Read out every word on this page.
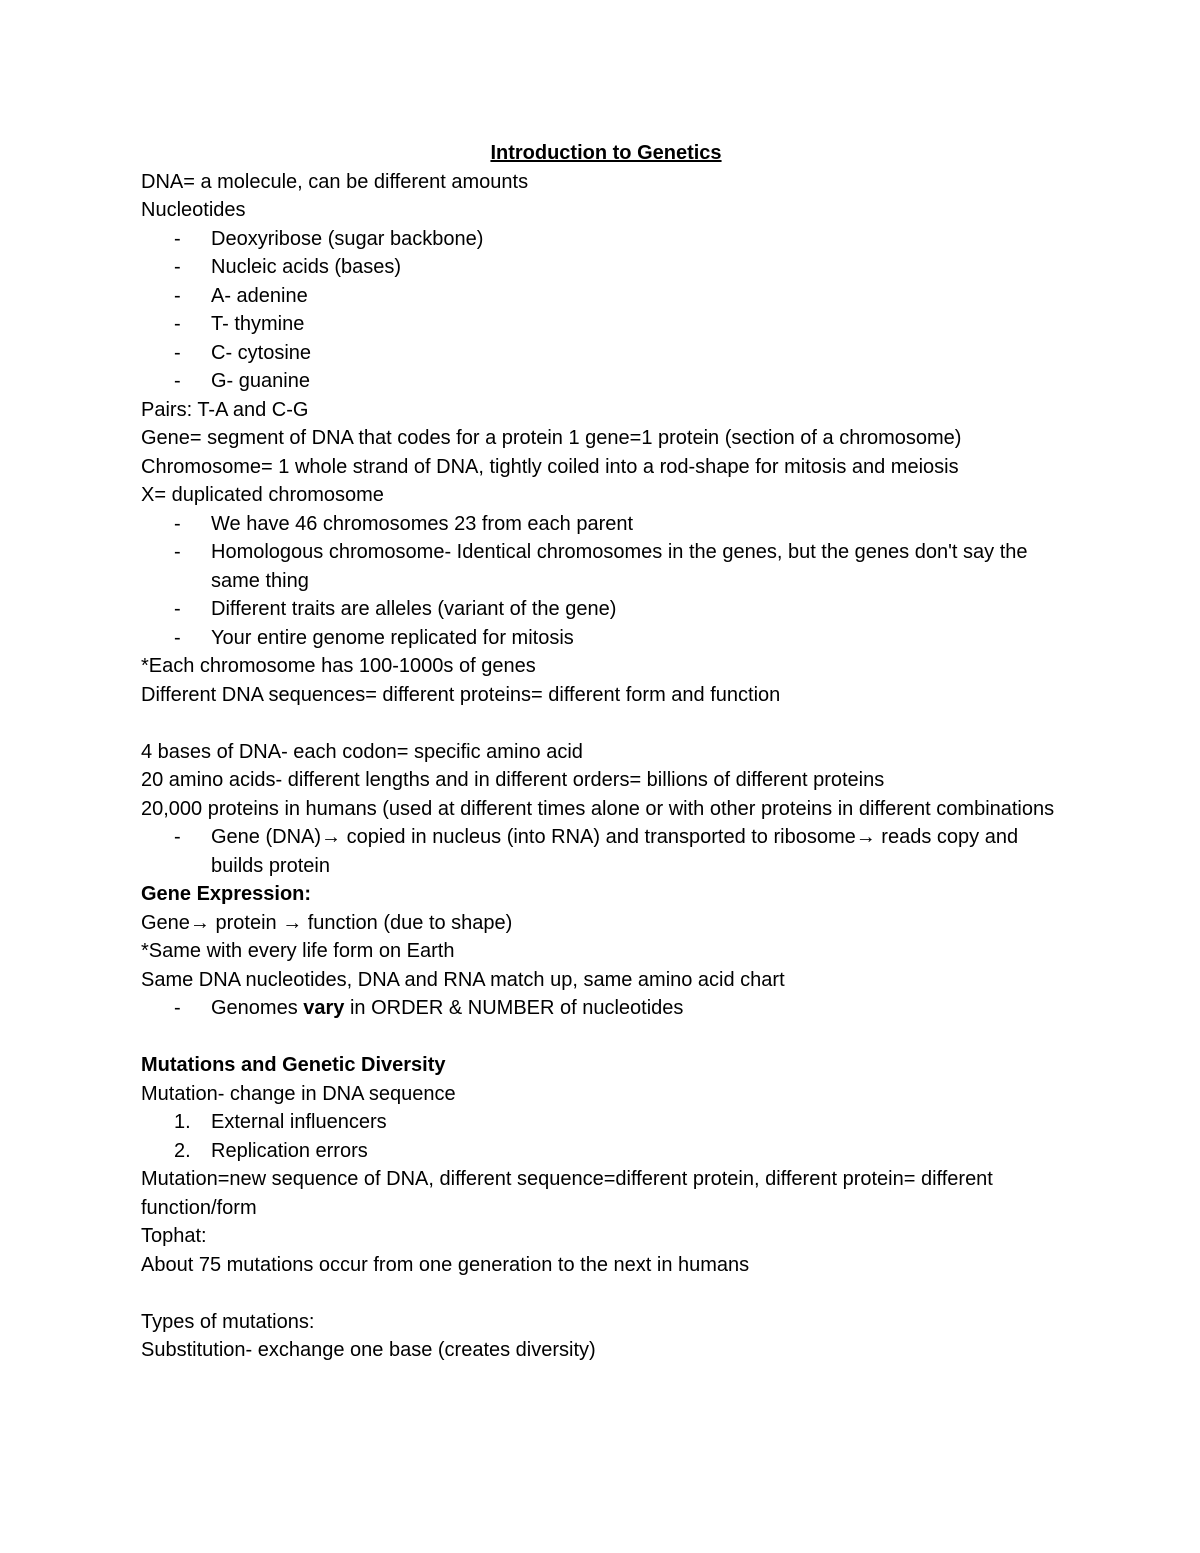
Introduction to Genetics

DNA= a molecule, can be different amounts

Nucleotides

-	Deoxyribose (sugar backbone)
-	Nucleic acids (bases)
-	A- adenine
-	T- thymine
-	C- cytosine
-	G- guanine

Pairs: T-A and C-G

Gene= segment of DNA that codes for a protein 1 gene=1 protein (section of a chromosome)

Chromosome= 1 whole strand of DNA, tightly coiled into a rod-shape for mitosis and meiosis

X= duplicated chromosome

-	We have 46 chromosomes 23 from each parent
-	Homologous chromosome- Identical chromosomes in the genes, but the genes don't say the same thing
-	Different traits are alleles (variant of the gene)
-	Your entire genome replicated for mitosis

*Each chromosome has 100-1000s of genes

Different DNA sequences= different proteins= different form and function

4 bases of DNA- each codon= specific amino acid

20 amino acids- different lengths and in different orders= billions of different proteins

20,000 proteins in humans (used at different times alone or with other proteins in different combinations

-	Gene (DNA)→ copied in nucleus (into RNA) and transported to ribosome→ reads copy and builds protein

Gene Expression:

Gene→ protein → function (due to shape)

*Same with every life form on Earth

Same DNA nucleotides, DNA and RNA match up, same amino acid chart

-	Genomes vary in ORDER & NUMBER of nucleotides

Mutations and Genetic Diversity

Mutation- change in DNA sequence

1.	External influencers
2.	Replication errors

Mutation=new sequence of DNA, different sequence=different protein, different protein= different function/form

Tophat:

About 75 mutations occur from one generation to the next in humans

Types of mutations:

Substitution- exchange one base (creates diversity)
